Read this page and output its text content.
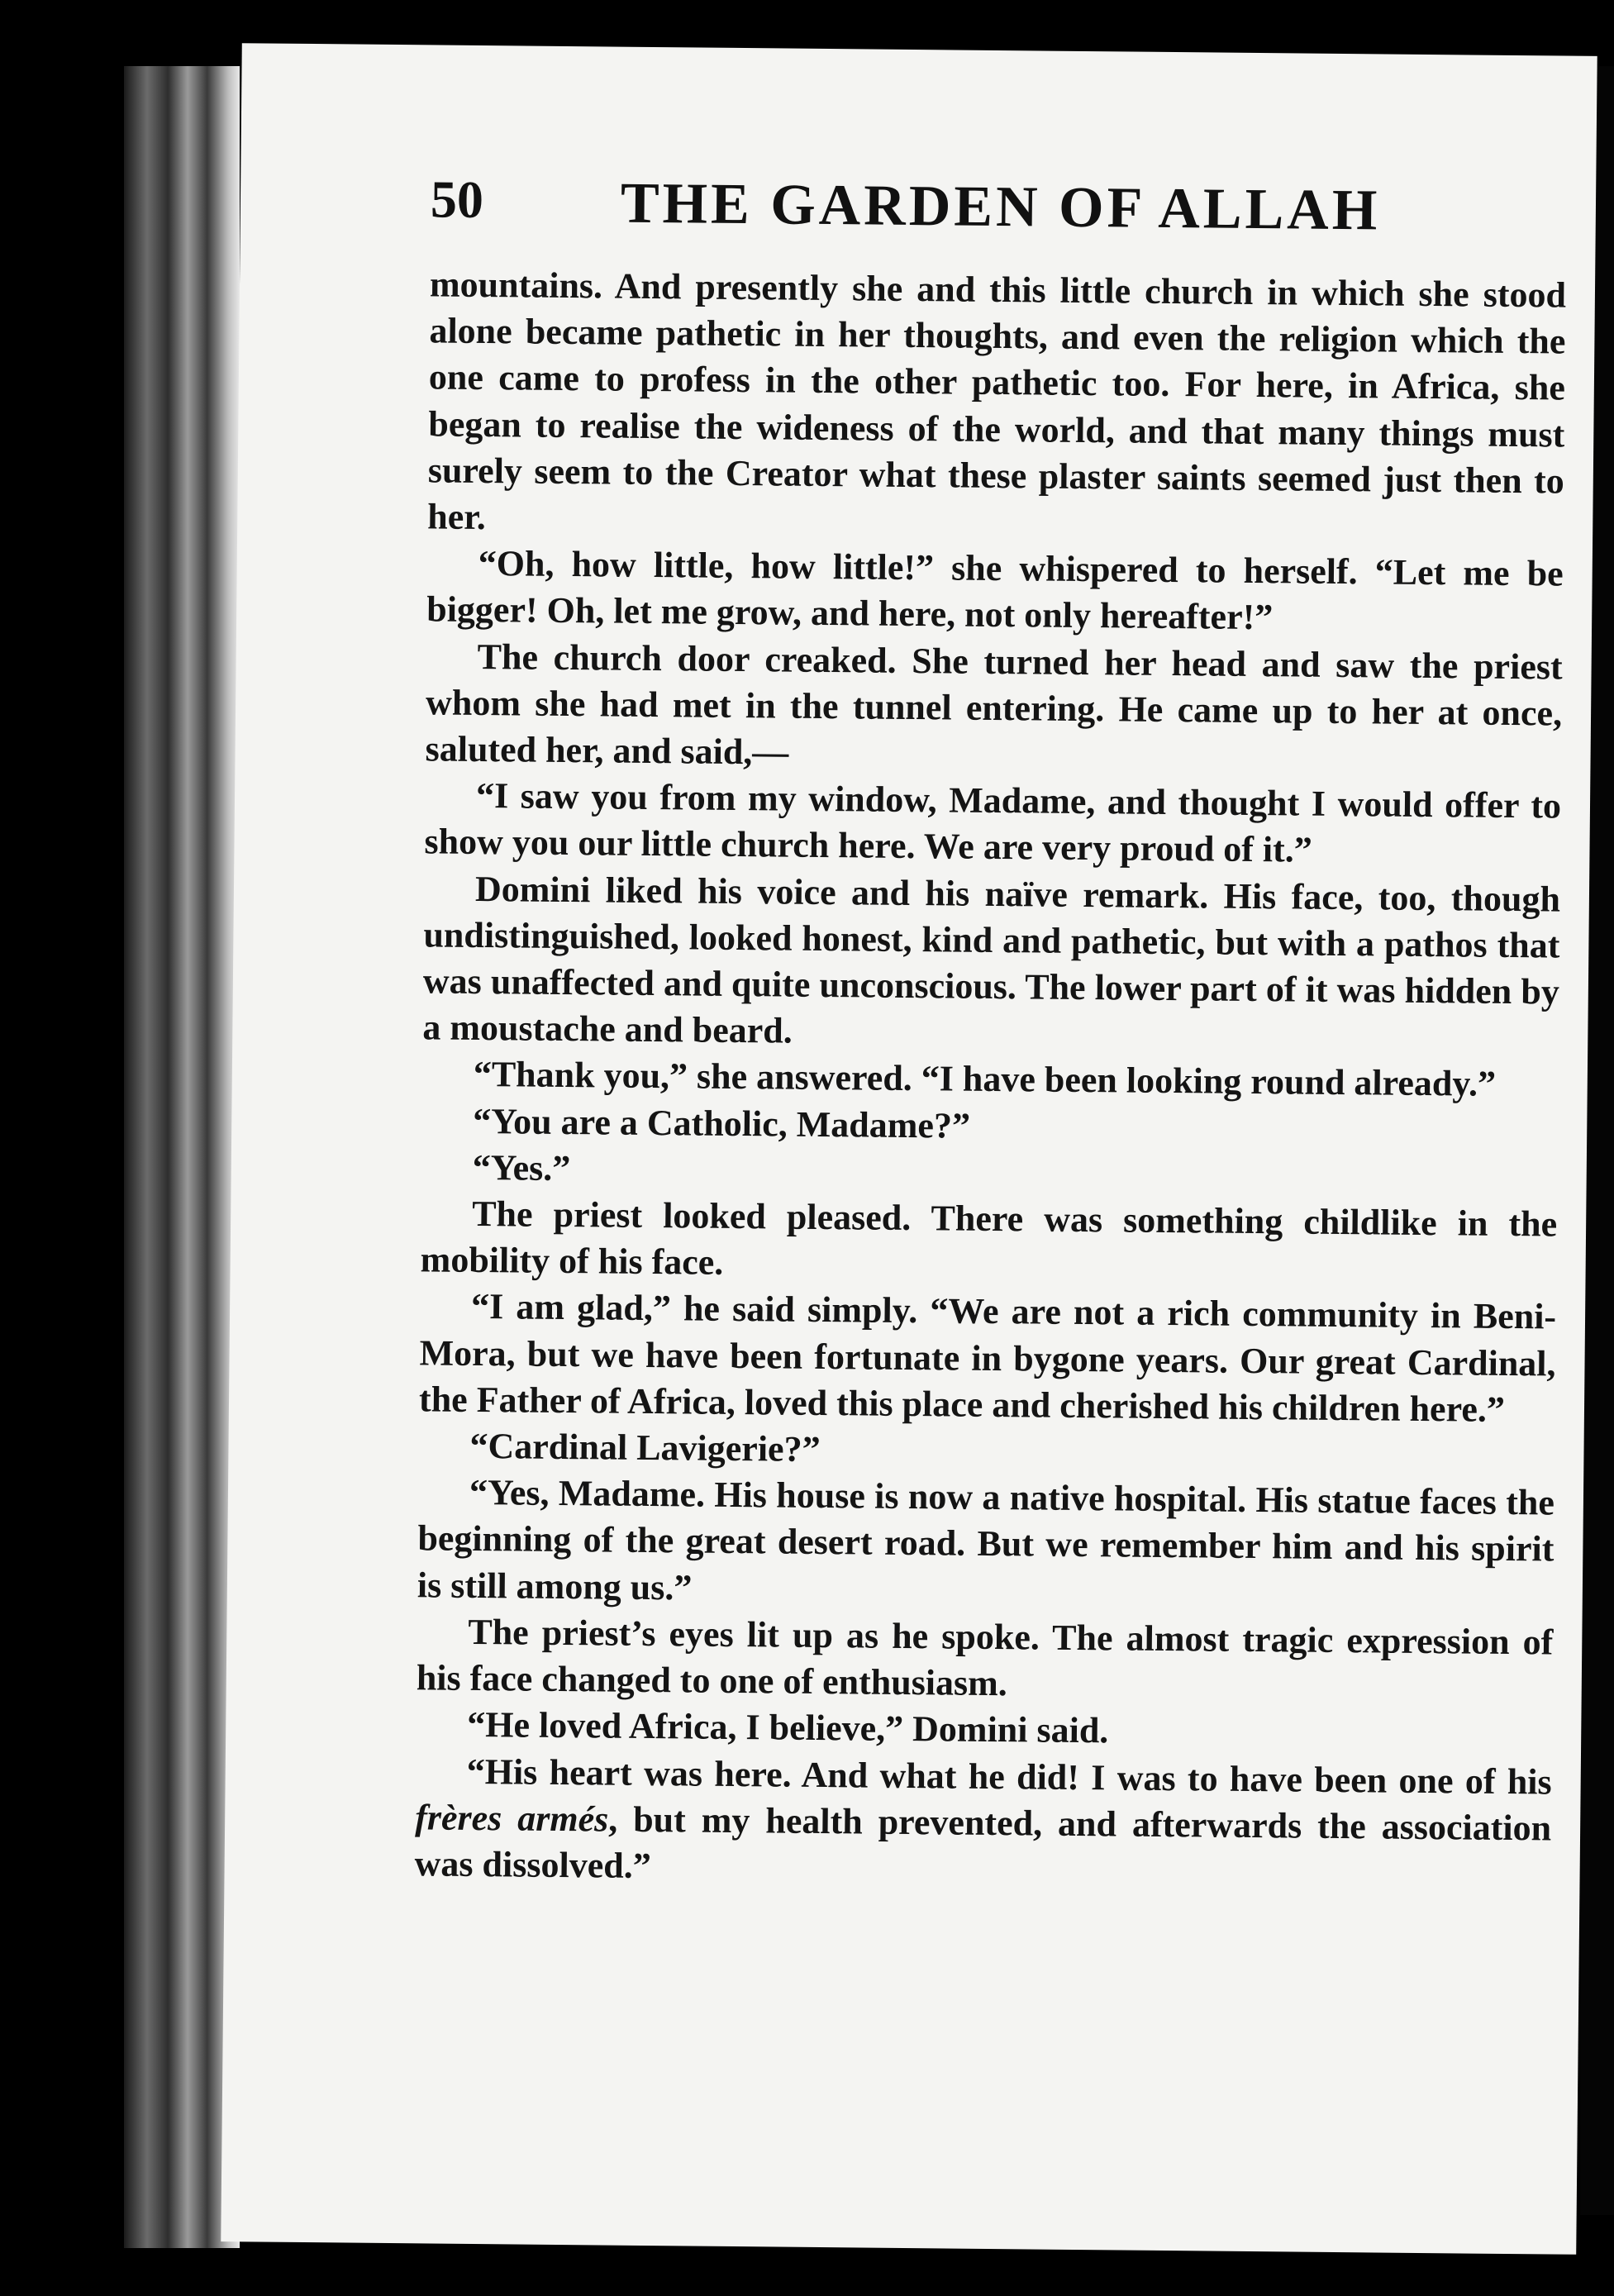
50 THE GARDEN OF ALLAH

mountains. And presently she and this little church in which she stood alone became pathetic in her thoughts, and even the religion which the one came to profess in the other pathetic too. For here, in Africa, she began to realise the wideness of the world, and that many things must surely seem to the Creator what these plaster saints seemed just then to her.

“Oh, how little, how little!” she whispered to herself. “Let me be bigger! Oh, let me grow, and here, not only hereafter!”

The church door creaked. She turned her head and saw the priest whom she had met in the tunnel entering. He came up to her at once, saluted her, and said,—

“I saw you from my window, Madame, and thought I would offer to show you our little church here. We are very proud of it.”

Domini liked his voice and his naïve remark. His face, too, though undistinguished, looked honest, kind and pathetic, but with a pathos that was unaffected and quite unconscious. The lower part of it was hidden by a moustache and beard.

“Thank you,” she answered. “I have been looking round already.”

“You are a Catholic, Madame?”

“Yes.”

The priest looked pleased. There was something childlike in the mobility of his face.

“I am glad,” he said simply. “We are not a rich community in Beni-Mora, but we have been fortunate in bygone years. Our great Cardinal, the Father of Africa, loved this place and cherished his children here.”

“Cardinal Lavigerie?”

“Yes, Madame. His house is now a native hospital. His statue faces the beginning of the great desert road. But we remember him and his spirit is still among us.”

The priest’s eyes lit up as he spoke. The almost tragic expression of his face changed to one of enthusiasm.

“He loved Africa, I believe,” Domini said.

“His heart was here. And what he did! I was to have been one of his frères armés, but my health prevented, and afterwards the association was dissolved.”
